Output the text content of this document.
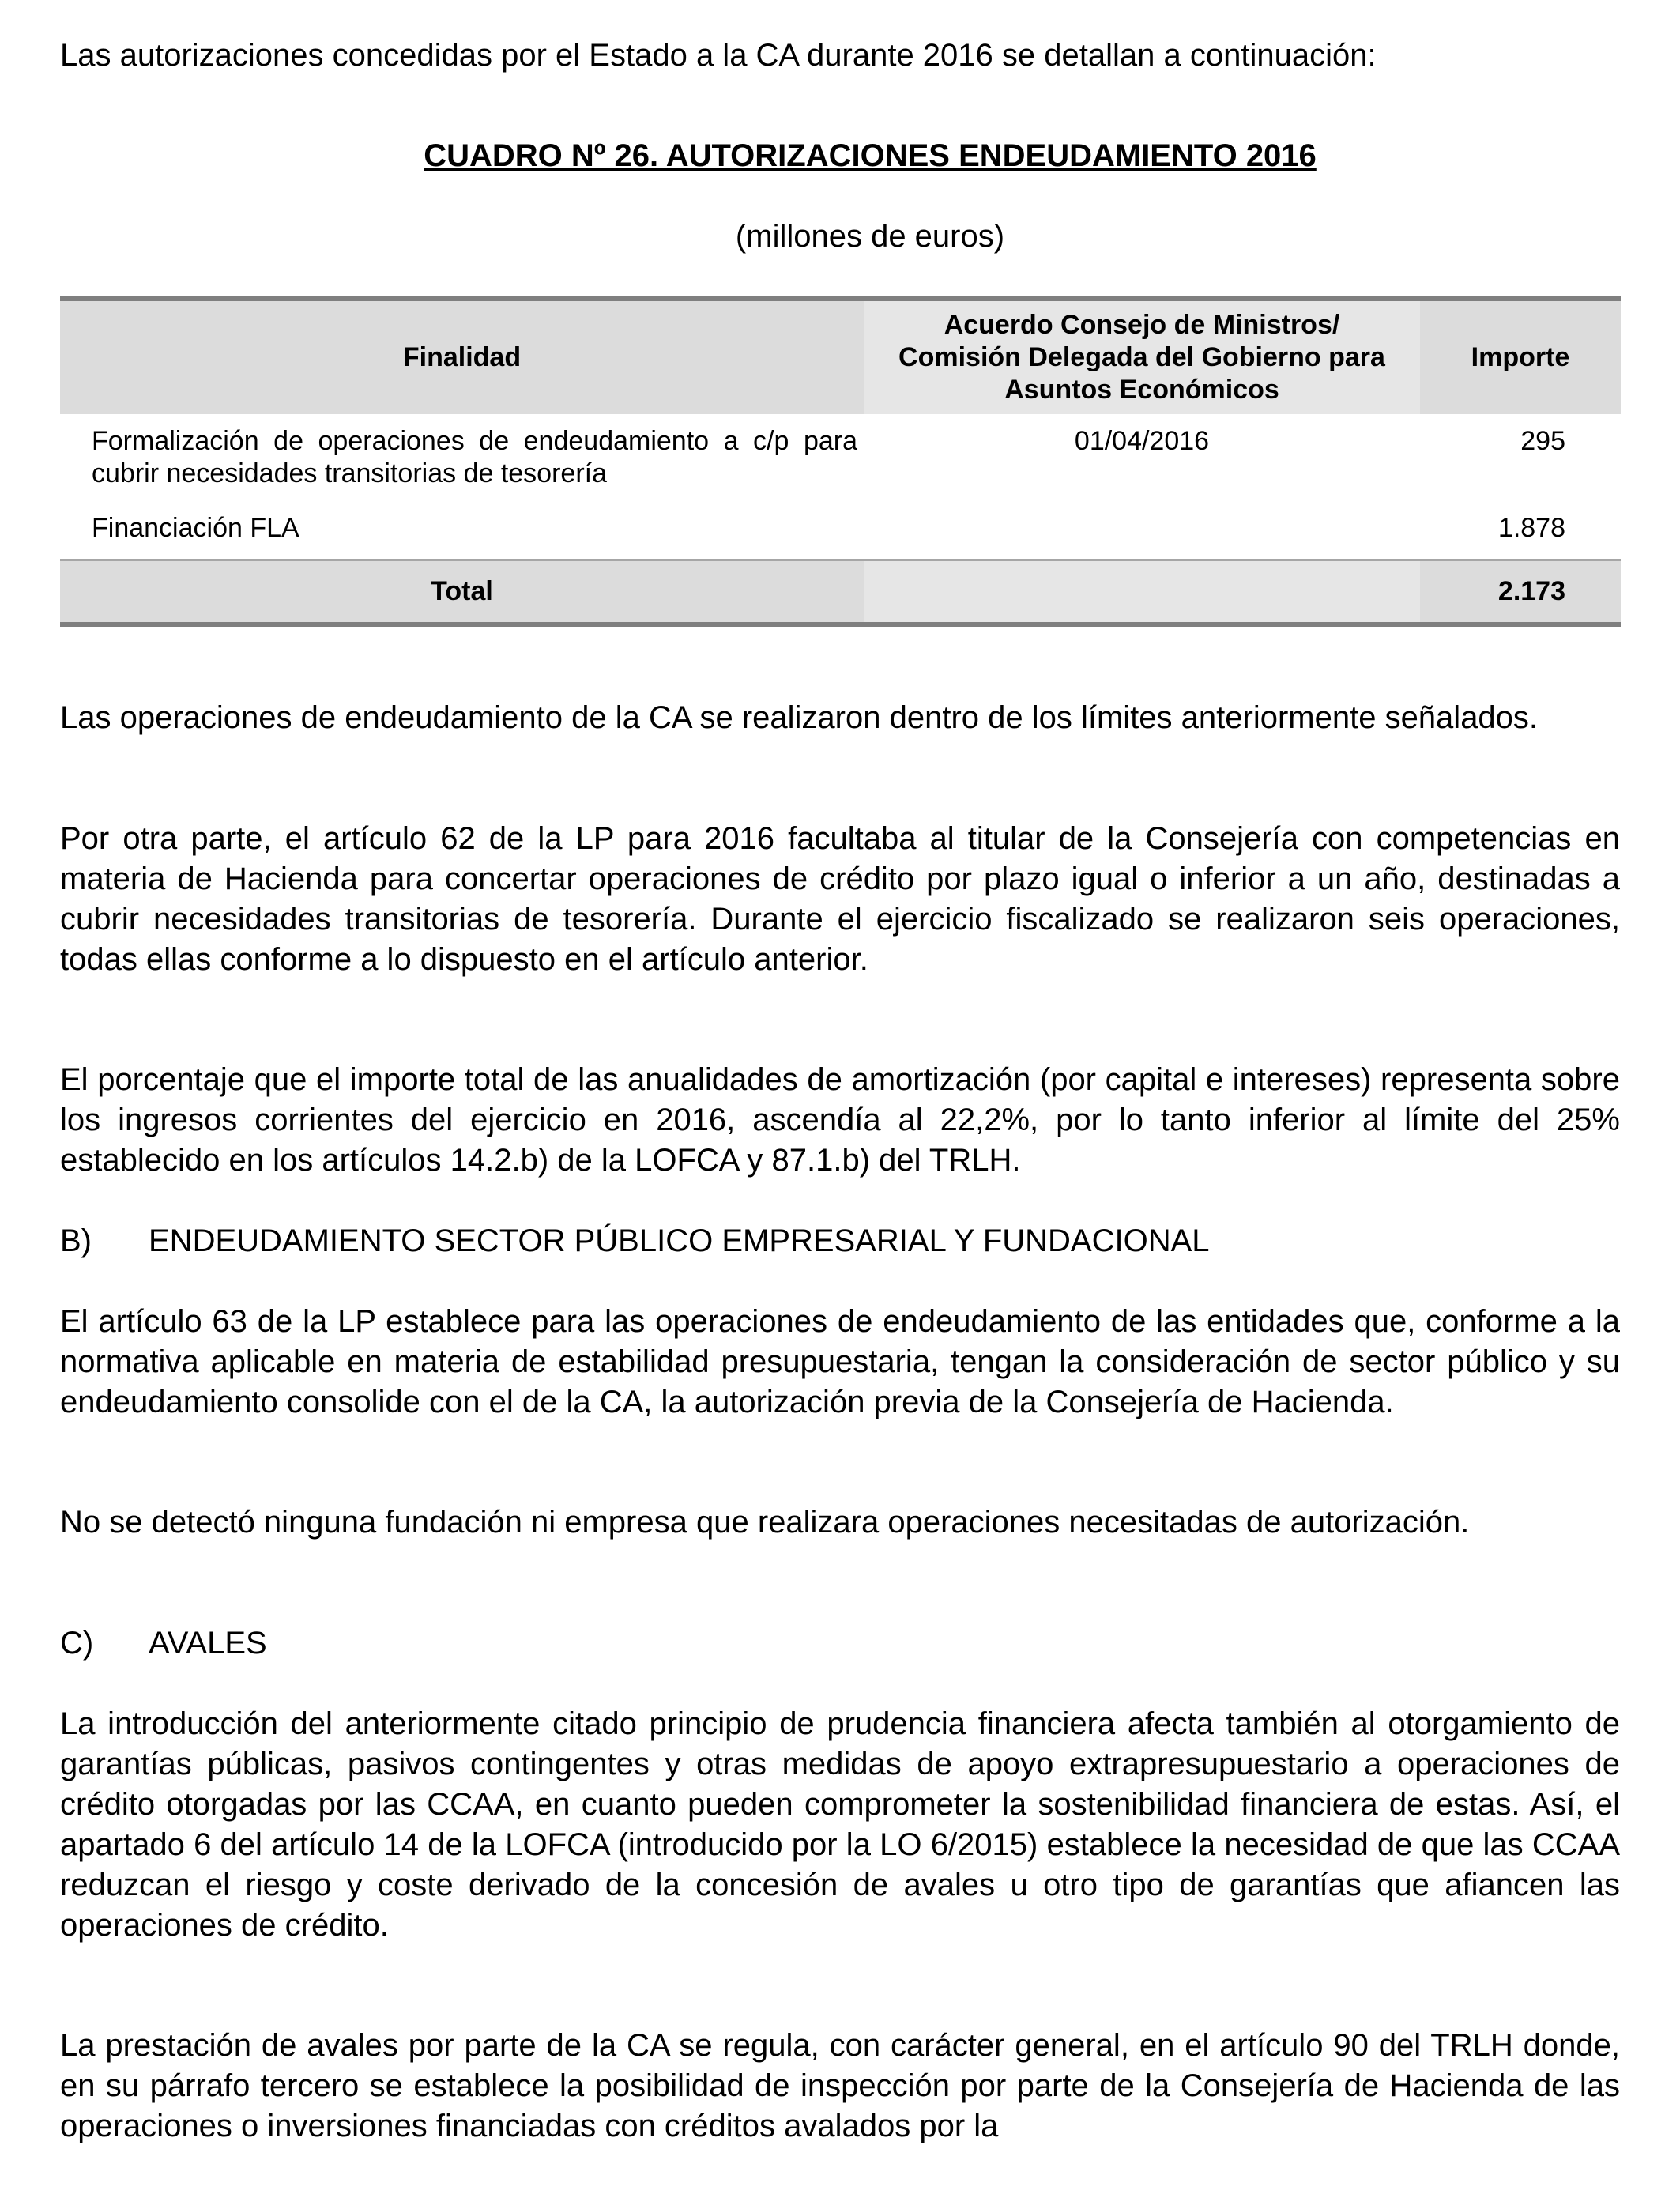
Las autorizaciones concedidas por el Estado a la CA durante 2016 se detallan a continuación:

CUADRO Nº 26. AUTORIZACIONES ENDEUDAMIENTO 2016
(millones de euros)
Finalidad	Acuerdo Consejo de Ministros/
Comisión Delegada del Gobierno para
Asuntos Económicos	Importe
Formalización de operaciones de endeudamiento a c/p para cubrir necesidades transitorias de tesorería	01/04/2016	295
Financiación FLA		1.878
Total		2.173

Las operaciones de endeudamiento de la CA se realizaron dentro de los límites anteriormente señalados.

Por otra parte, el artículo 62 de la LP para 2016 facultaba al titular de la Consejería con competencias en materia de Hacienda para concertar operaciones de crédito por plazo igual o inferior a un año, destinadas a cubrir necesidades transitorias de tesorería. Durante el ejercicio fiscalizado se realizaron seis operaciones, todas ellas conforme a lo dispuesto en el artículo anterior.

El porcentaje que el importe total de las anualidades de amortización (por capital e intereses) representa sobre los ingresos corrientes del ejercicio en 2016, ascendía al 22,2%, por lo tanto inferior al límite del 25% establecido en los artículos 14.2.b) de la LOFCA y 87.1.b) del TRLH.

B) ENDEUDAMIENTO SECTOR PÚBLICO EMPRESARIAL Y FUNDACIONAL

El artículo 63 de la LP establece para las operaciones de endeudamiento de las entidades que, conforme a la normativa aplicable en materia de estabilidad presupuestaria, tengan la consideración de sector público y su endeudamiento consolide con el de la CA, la autorización previa de la Consejería de Hacienda.

No se detectó ninguna fundación ni empresa que realizara operaciones necesitadas de autorización.

C) AVALES

La introducción del anteriormente citado principio de prudencia financiera afecta también al otorgamiento de garantías públicas, pasivos contingentes y otras medidas de apoyo extrapresupuestario a operaciones de crédito otorgadas por las CCAA, en cuanto pueden comprometer la sostenibilidad financiera de estas. Así, el apartado 6 del artículo 14 de la LOFCA (introducido por la LO 6/2015) establece la necesidad de que las CCAA reduzcan el riesgo y coste derivado de la concesión de avales u otro tipo de garantías que afiancen las operaciones de crédito.

La prestación de avales por parte de la CA se regula, con carácter general, en el artículo 90 del TRLH donde, en su párrafo tercero se establece la posibilidad de inspección por parte de la Consejería de Hacienda de las operaciones o inversiones financiadas con créditos avalados por la
